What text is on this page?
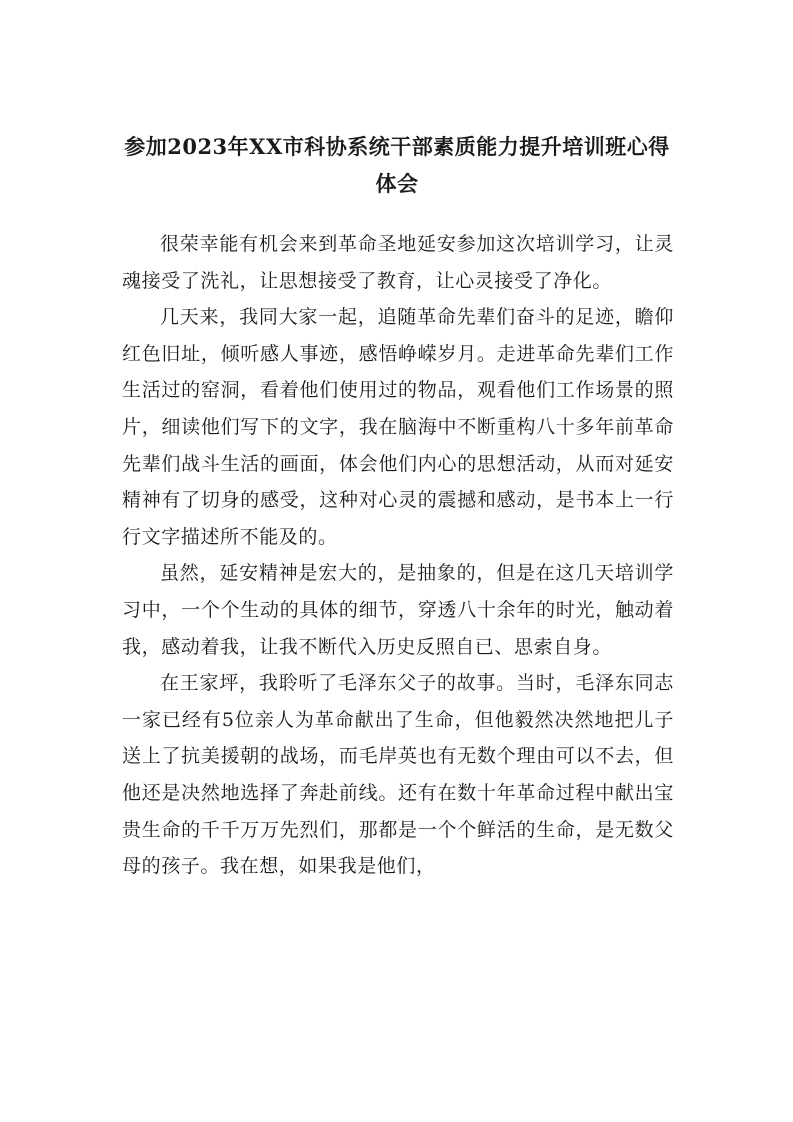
参加2023年XX市科协系统干部素质能力提升培训班心得体会

很荣幸能有机会来到革命圣地延安参加这次培训学习，让灵魂接受了洗礼，让思想接受了教育，让心灵接受了净化。

几天来，我同大家一起，追随革命先辈们奋斗的足迹，瞻仰红色旧址，倾听感人事迹，感悟峥嵘岁月。走进革命先辈们工作生活过的窑洞，看着他们使用过的物品，观看他们工作场景的照片，细读他们写下的文字，我在脑海中不断重构八十多年前革命先辈们战斗生活的画面，体会他们内心的思想活动，从而对延安精神有了切身的感受，这种对心灵的震撼和感动，是书本上一行行文字描述所不能及的。

虽然，延安精神是宏大的，是抽象的，但是在这几天培训学习中，一个个生动的具体的细节，穿透八十余年的时光，触动着我，感动着我，让我不断代入历史反照自已、思索自身。

在王家坪，我聆听了毛泽东父子的故事。当时，毛泽东同志一家已经有5位亲人为革命献出了生命，但他毅然决然地把儿子送上了抗美援朝的战场，而毛岸英也有无数个理由可以不去，但他还是决然地选择了奔赴前线。还有在数十年革命过程中献出宝贵生命的千千万万先烈们，那都是一个个鲜活的生命，是无数父母的孩子。我在想，如果我是他们，
